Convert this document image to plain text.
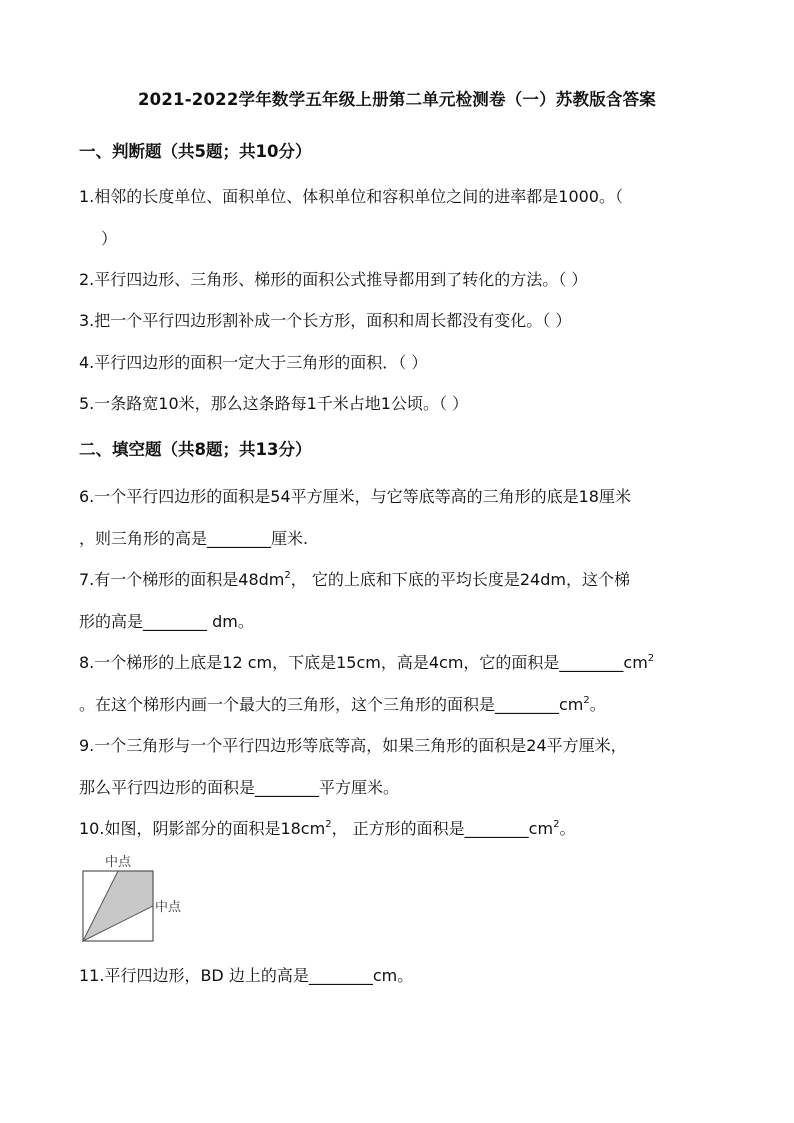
2021-2022学年数学五年级上册第二单元检测卷（一）苏教版含答案
一、判断题（共5题；共10分）
1.相邻的长度单位、面积单位、体积单位和容积单位之间的进率都是1000。（
）
2.平行四边形、三角形、梯形的面积公式推导都用到了转化的方法。（ ）
3.把一个平行四边形割补成一个长方形，面积和周长都没有变化。（ ）
4.平行四边形的面积一定大于三角形的面积．（ ）
5.一条路宽10米，那么这条路每1千米占地1公顷。（ ）
二、填空题（共8题；共13分）
6.一个平行四边形的面积是54平方厘米，与它等底等高的三角形的底是18厘米
，则三角形的高是________厘米.
7.有一个梯形的面积是$48dm^2$， 它的上底和下底的平均长度是24dm，这个梯
形的高是________ dm。
8.一个梯形的上底是12 cm，下底是15cm，高是4cm，它的面积是$\_\_\_\_\_\_\_\_cm^2$
。在这个梯形内画一个最大的三角形，这个三角形的面积是$\_\_\_\_\_\_\_\_cm^2$。
9.一个三角形与一个平行四边形等底等高，如果三角形的面积是24平方厘米，
那么平行四边形的面积是________平方厘米。
10.如图，阴影部分的面积是$18cm^2$， 正方形的面积是$\_\_\_\_\_\_\_\_cm^2$。
中点
中点
11.平行四边形，BD 边上的高是________cm。
